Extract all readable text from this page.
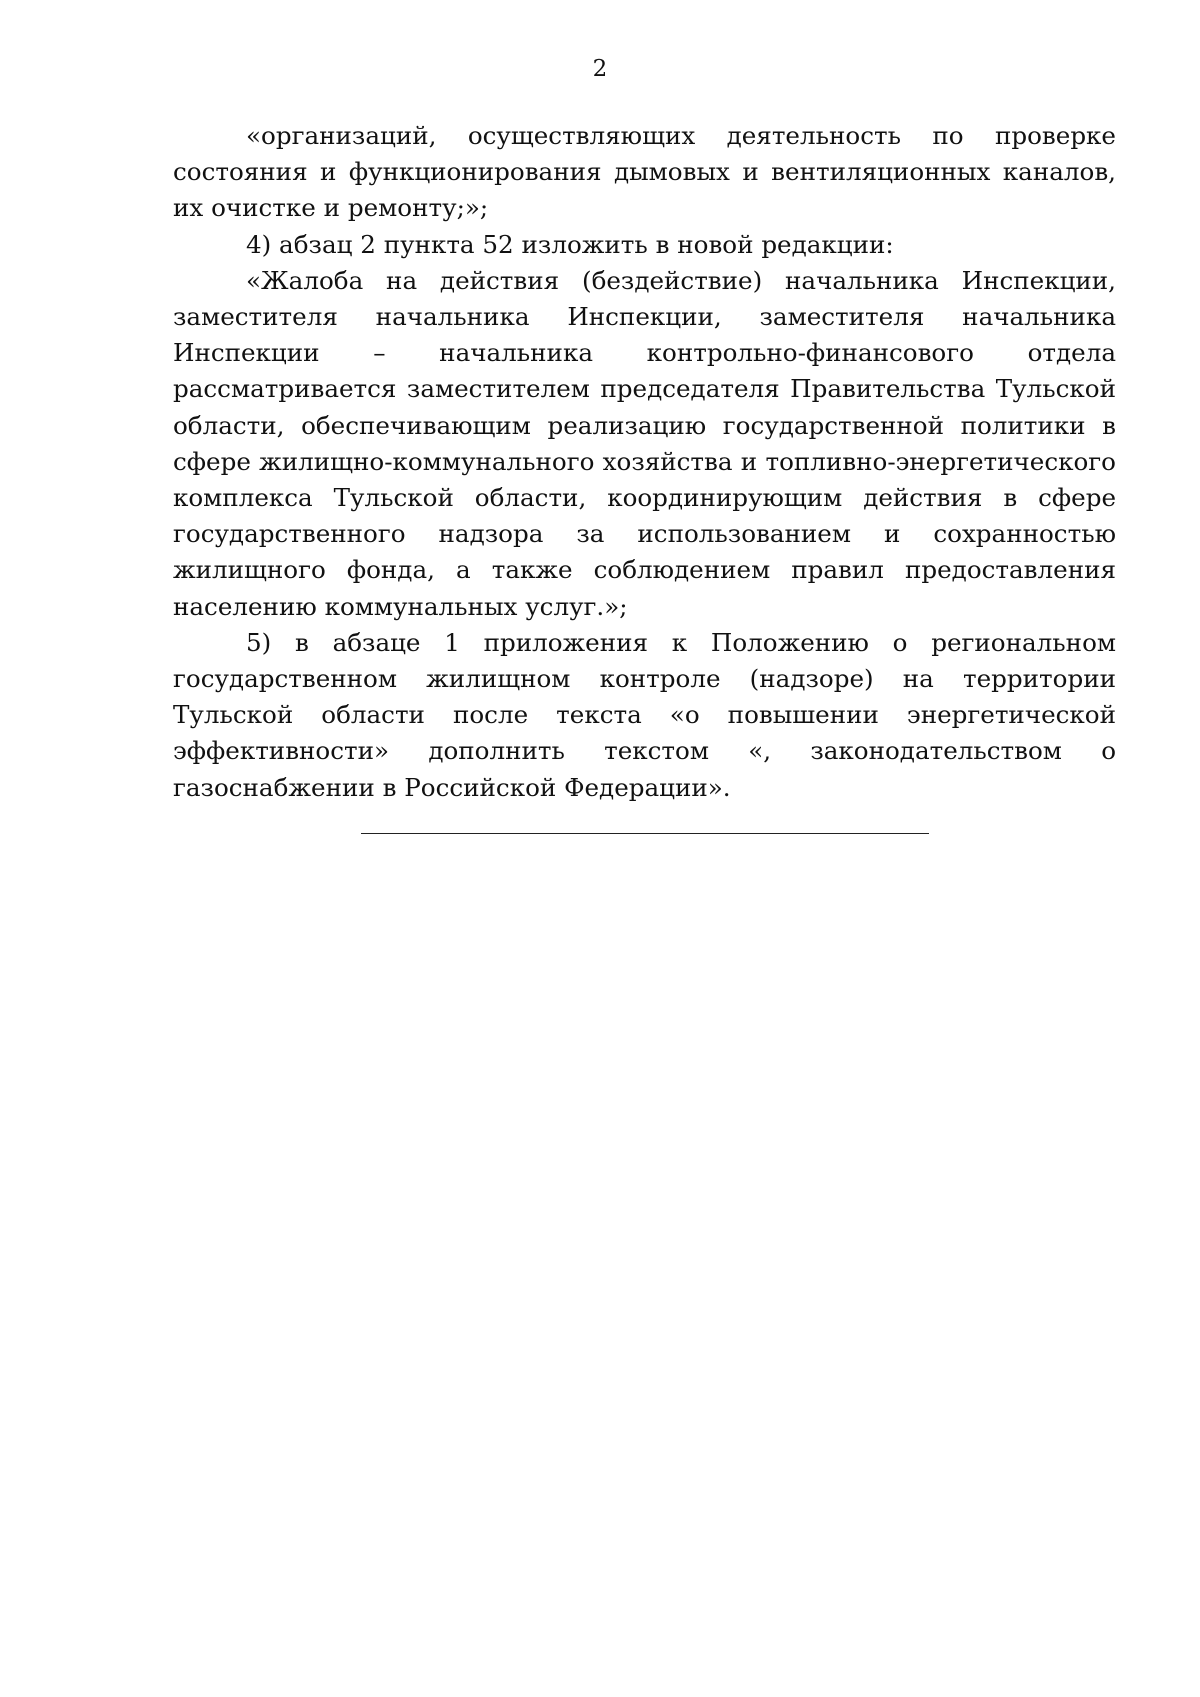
2

«организаций, осуществляющих деятельность по проверке состояния и функционирования дымовых и вентиляционных каналов, их очистке и ремонту;»;

4) абзац 2 пункта 52 изложить в новой редакции:

«Жалоба на действия (бездействие) начальника Инспекции, заместителя начальника Инспекции, заместителя начальника Инспекции – начальника контрольно-финансового отдела рассматривается заместителем председателя Правительства Тульской области, обеспечивающим реализацию государственной политики в сфере жилищно-коммунального хозяйства и топливно-энергетического комплекса Тульской области, координирующим действия в сфере государственного надзора за использованием и сохранностью жилищного фонда, а также соблюдением правил предоставления населению коммунальных услуг.»;

5) в абзаце 1 приложения к Положению о региональном государственном жилищном контроле (надзоре) на территории Тульской области после текста «о повышении энергетической эффективности» дополнить текстом «, законодательством о газоснабжении в Российской Федерации».
